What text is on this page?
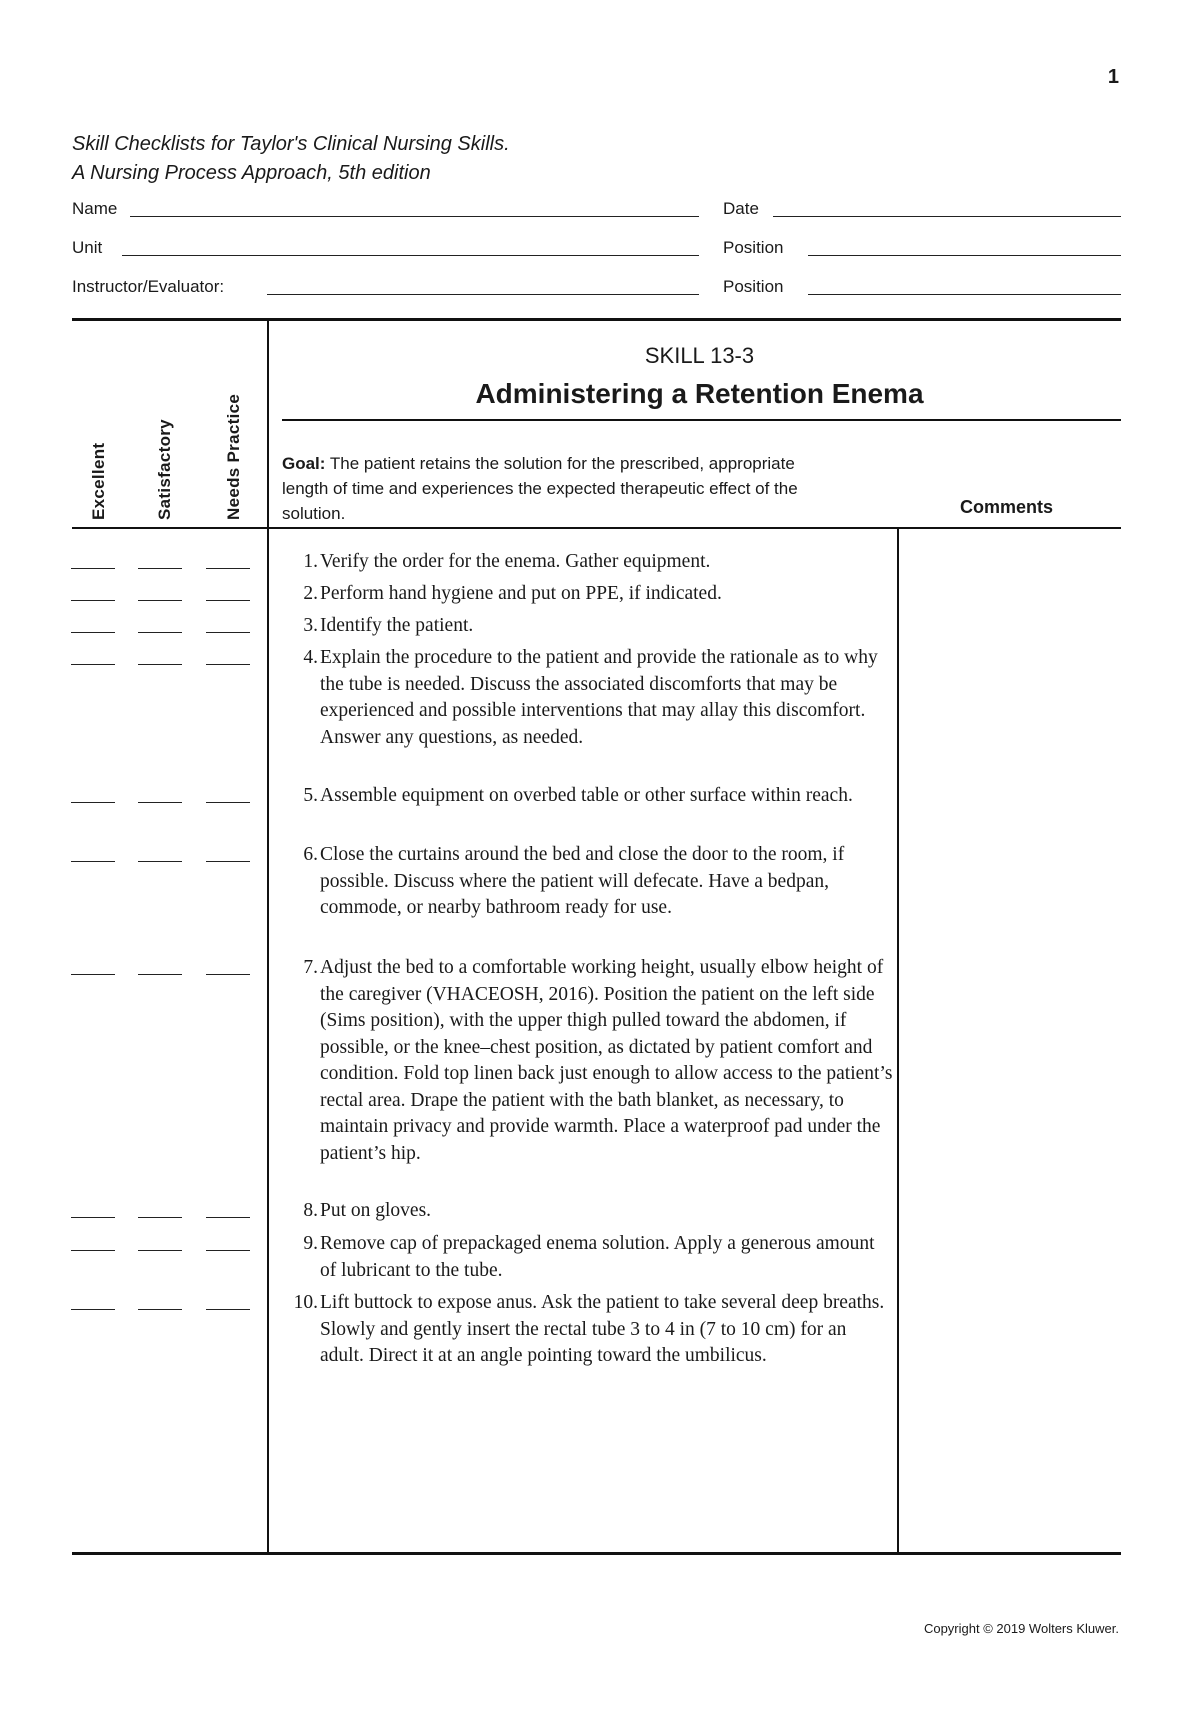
1
Skill Checklists for Taylor's Clinical Nursing Skills.
A Nursing Process Approach, 5th edition
Name	Date
Unit	Position
Instructor/Evaluator:	Position
Excellent	Satisfactory	Needs Practice
SKILL 13-3
Administering a Retention Enema
Goal: The patient retains the solution for the prescribed, appropriate length of time and experiences the expected therapeutic effect of the solution.	Comments
1. Verify the order for the enema. Gather equipment.
2. Perform hand hygiene and put on PPE, if indicated.
3. Identify the patient.
4. Explain the procedure to the patient and provide the rationale as to why the tube is needed. Discuss the associated discomforts that may be experienced and possible interventions that may allay this discomfort. Answer any questions, as needed.
5. Assemble equipment on overbed table or other surface within reach.
6. Close the curtains around the bed and close the door to the room, if possible. Discuss where the patient will defecate. Have a bedpan, commode, or nearby bathroom ready for use.
7. Adjust the bed to a comfortable working height, usually elbow height of the caregiver (VHACEOSH, 2016). Position the patient on the left side (Sims position), with the upper thigh pulled toward the abdomen, if possible, or the knee–chest position, as dictated by patient comfort and condition. Fold top linen back just enough to allow access to the patient’s rectal area. Drape the patient with the bath blanket, as necessary, to maintain privacy and provide warmth. Place a waterproof pad under the patient’s hip.
8. Put on gloves.
9. Remove cap of prepackaged enema solution. Apply a generous amount of lubricant to the tube.
10. Lift buttock to expose anus. Ask the patient to take several deep breaths. Slowly and gently insert the rectal tube 3 to 4 in (7 to 10 cm) for an adult. Direct it at an angle pointing toward the umbilicus.
Copyright © 2019 Wolters Kluwer.
